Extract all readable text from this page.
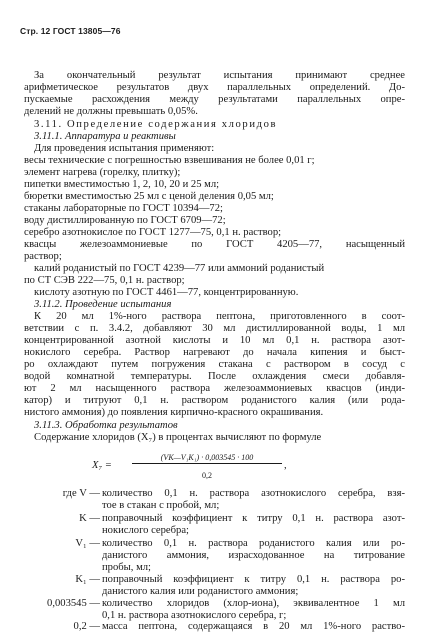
Стр. 12 ГОСТ 13805—76
За окончательный результат испытания принимают среднее
арифметическое результатов двух параллельных определений. До-
пускаемые расхождения между результатами параллельных опре-
делений не должны превышать 0,05%.
3.11. Определение содержания хлоридов
3.11.1. Аппаратура и реактивы
Для проведения испытания применяют:
весы технические с погрешностью взвешивания не более 0,01 г;
элемент нагрева (горелку, плитку);
пипетки вместимостью 1, 2, 10, 20 и 25 мл;
бюретки вместимостью 25 мл с ценой деления 0,05 мл;
стаканы лабораторные по ГОСТ 10394—72;
воду дистиллированную по ГОСТ 6709—72;
серебро азотнокислое по ГОСТ 1277—75, 0,1 н. раствор;
квасцы железоаммониевые по ГОСТ 4205—77, насыщенный
раствор;
калий роданистый по ГОСТ 4239—77 или аммоний роданистый
по СТ СЭВ 222—75, 0,1 н. раствор;
кислоту азотную по ГОСТ 4461—77, концентрированную.
3.11.2. Проведение испытания
К 20 мл 1%-ного раствора пептона, приготовленного в соот-
ветствии с п. 3.4.2, добавляют 30 мл дистиллированной воды, 1 мл
концентрированной азотной кислоты и 10 мл 0,1 н. раствора азот-
нокислого серебра. Раствор нагревают до начала кипения и быст-
ро охлаждают путем погружения стакана с раствором в сосуд с
водой комнатной температуры. После охлаждения смеси добавля-
ют 2 мл насыщенного раствора железоаммониевых квасцов (инди-
катор) и титруют 0,1 н. раствором роданистого калия (или рода-
нистого аммония) до появления кирпично-красного окрашивания.
3.11.3. Обработка результатов
Содержание хлоридов (X₇) в процентах вычисляют по формуле
X₇ =
(VK—V₁K₁) · 0,003545 · 100
0,2
,
где V — количество 0,1 н. раствора азотнокислого серебра, взя-
тое в стакан с пробой, мл;
K — поправочный коэффициент к титру 0,1 н. раствора азот-
нокислого серебра;
V₁ — количество 0,1 н. раствора роданистого калия или ро-
данистого аммония, израсходованное на титрование
пробы, мл;
K₁ — поправочный коэффициент к титру 0,1 н. раствора ро-
данистого калия или роданистого аммония;
0,003545 — количество хлоридов (хлор-иона), эквивалентное 1 мл
0,1 н. раствора азотнокислого серебра, г;
0,2 — масса пептона, содержащаяся в 20 мл 1%-ного раство-
